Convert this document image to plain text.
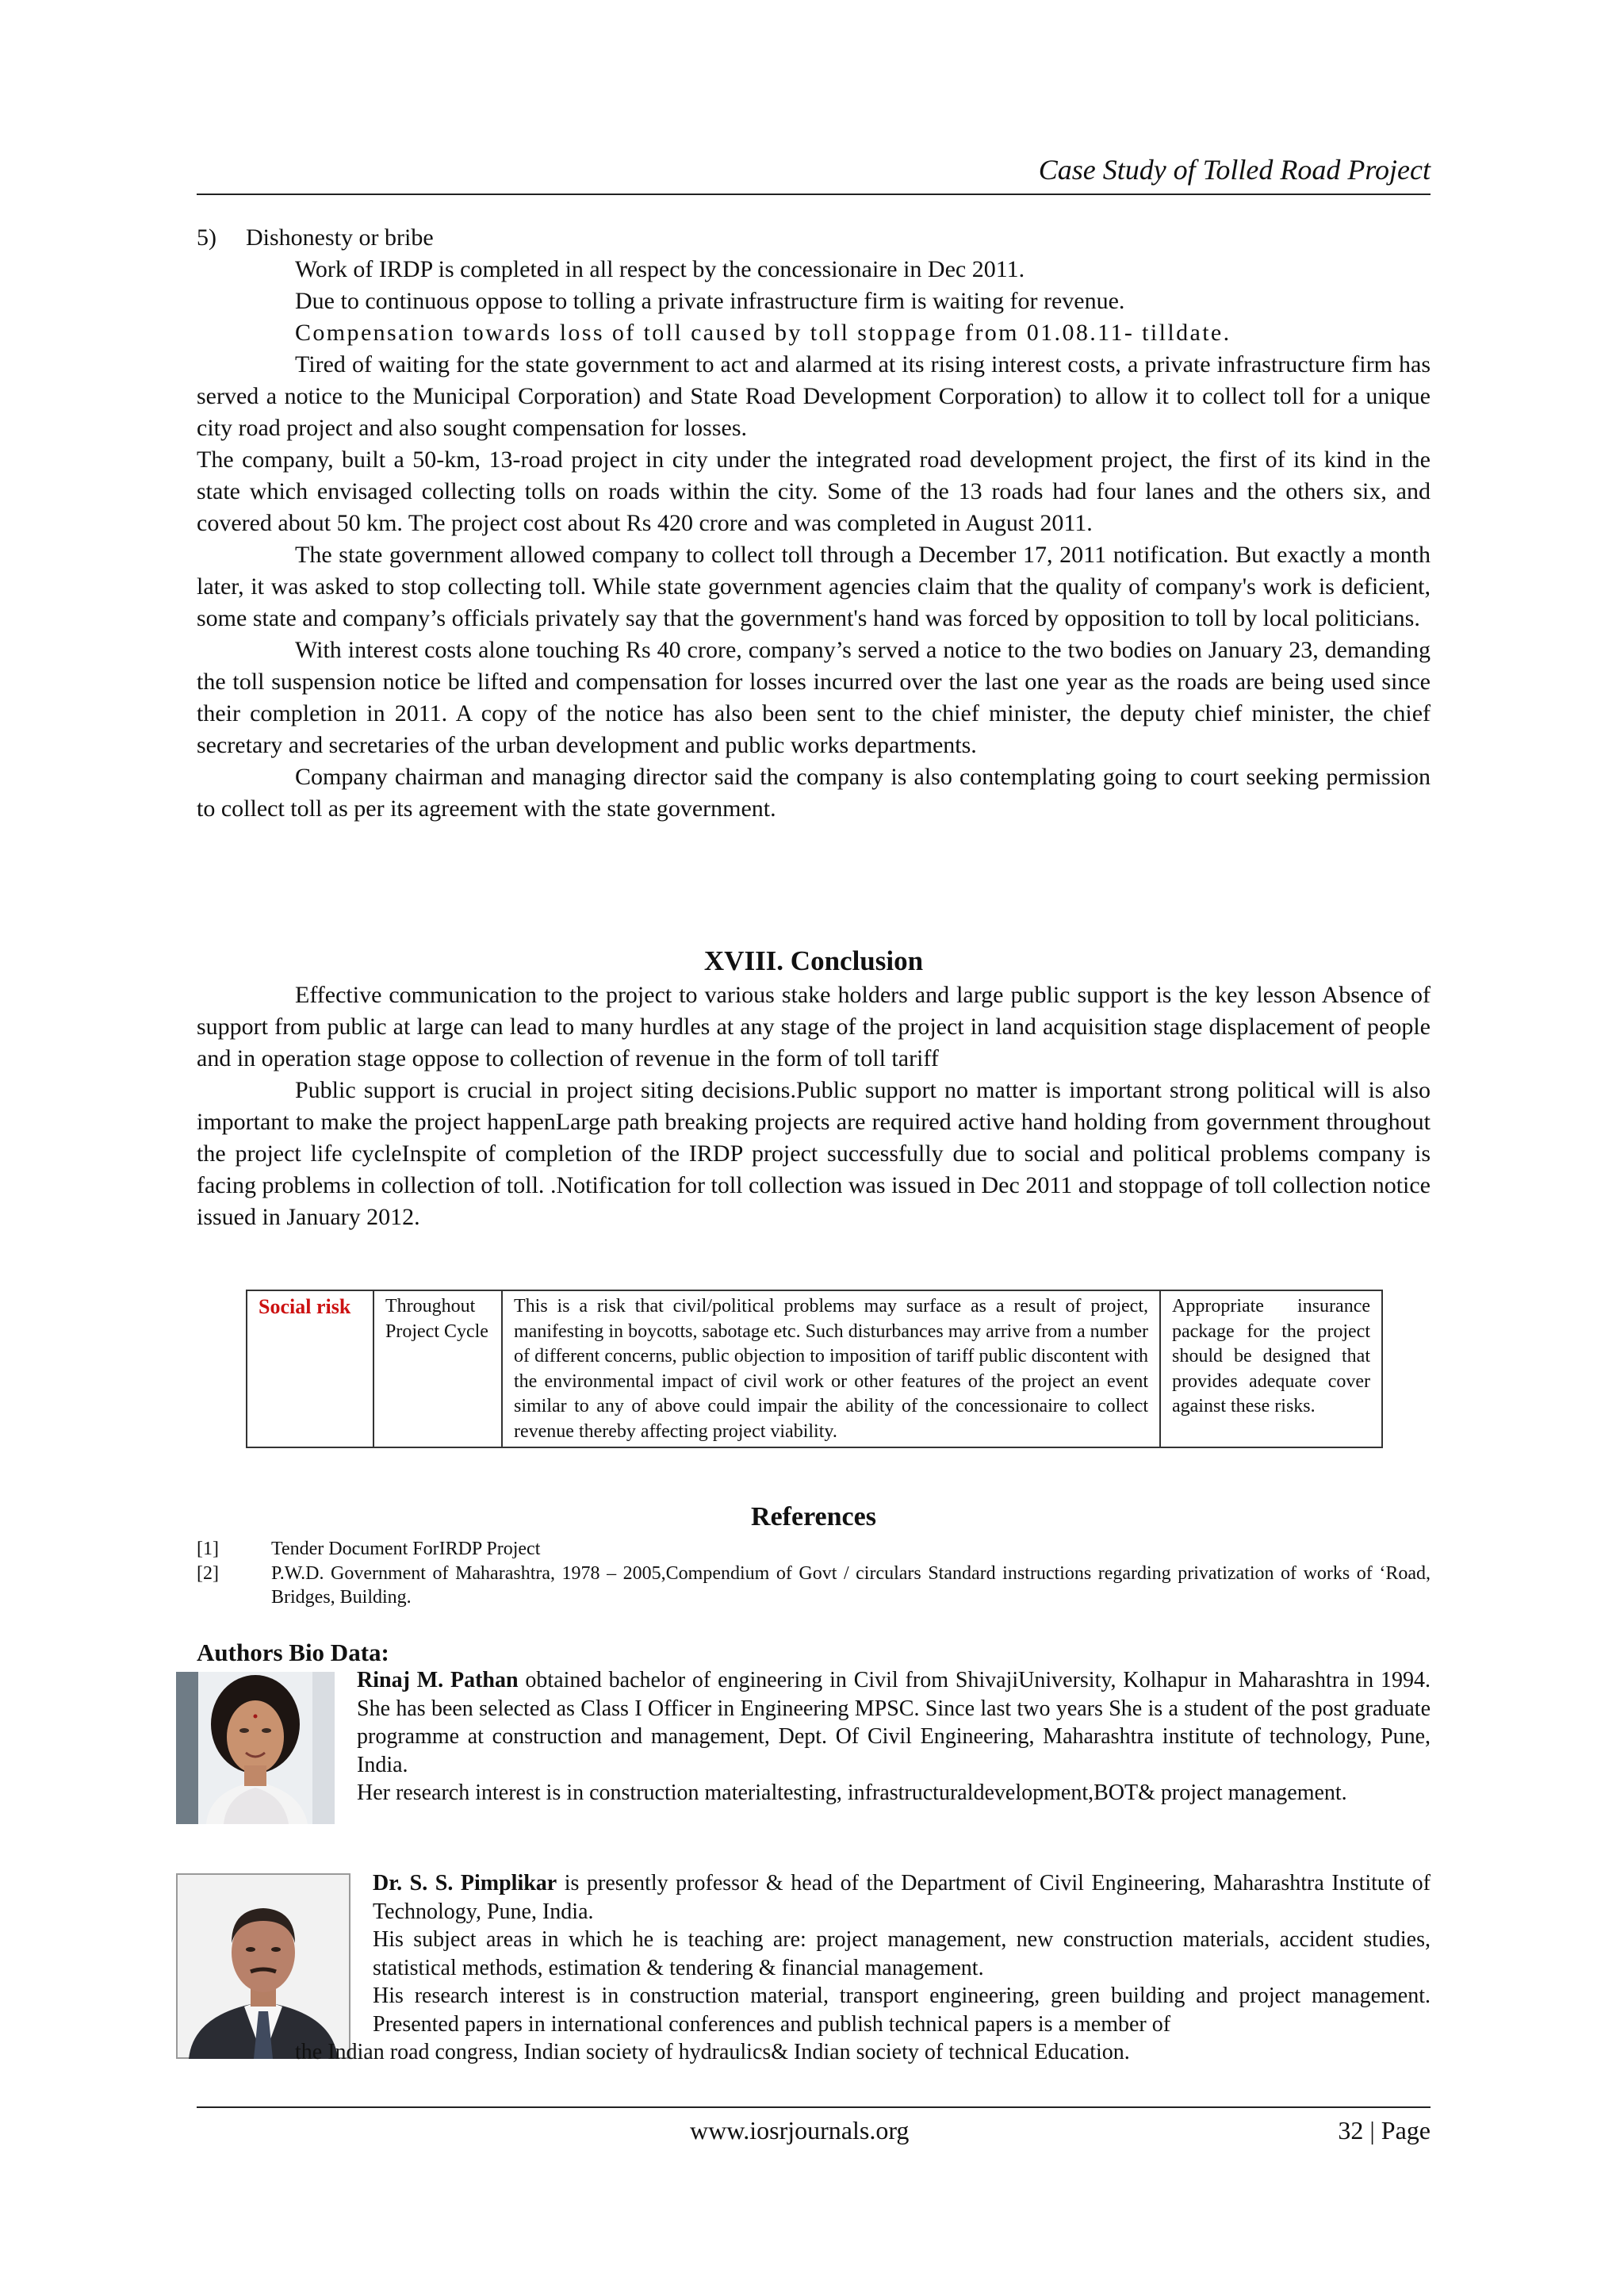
Case Study of Tolled Road Project
5) Dishonesty or bribe
Work of IRDP is completed in all respect by the concessionaire in Dec 2011.
Due to continuous oppose to tolling a private infrastructure firm is waiting for revenue.
Compensation towards loss of toll caused by toll stoppage from 01.08.11- tilldate.

Tired of waiting for the state government to act and alarmed at its rising interest costs, a private infrastructure firm has served a notice to the Municipal Corporation) and State Road Development Corporation) to allow it to collect toll for a unique city road project and also sought compensation for losses.

The company, built a 50-km, 13-road project in city under the integrated road development project, the first of its kind in the state which envisaged collecting tolls on roads within the city. Some of the 13 roads had four lanes and the others six, and covered about 50 km. The project cost about Rs 420 crore and was completed in August 2011.

The state government allowed company to collect toll through a December 17, 2011 notification. But exactly a month later, it was asked to stop collecting toll. While state government agencies claim that the quality of company's work is deficient, some state and company’s officials privately say that the government's hand was forced by opposition to toll by local politicians.

With interest costs alone touching Rs 40 crore, company’s served a notice to the two bodies on January 23, demanding the toll suspension notice be lifted and compensation for losses incurred over the last one year as the roads are being used since their completion in 2011. A copy of the notice has also been sent to the chief minister, the deputy chief minister, the chief secretary and secretaries of the urban development and public works departments.

Company chairman and managing director said the company is also contemplating going to court seeking permission to collect toll as per its agreement with the state government.

XVIII. Conclusion

Effective communication to the project to various stake holders and large public support is the key lesson Absence of support from public at large can lead to many hurdles at any stage of the project in land acquisition stage displacement of people and in operation stage oppose to collection of revenue in the form of toll tariff

Public support is crucial in project siting decisions.Public support no matter is important strong political will is also important to make the project happenLarge path breaking projects are required active hand holding from government throughout the project life cycleInspite of completion of the IRDP project successfully due to social and political problems company is facing problems in collection of toll. .Notification for toll collection was issued in Dec 2011 and stoppage of toll collection notice issued in January 2012.

Social risk	Throughout Project Cycle	This is a risk that civil/political problems may surface as a result of project, manifesting in boycotts, sabotage etc. Such disturbances may arrive from a number of different concerns, public objection to imposition of tariff public discontent with the environmental impact of civil work or other features of the project an event similar to any of above could impair the ability of the concessionaire to collect revenue thereby affecting project viability.	Appropriate insurance package for the project should be designed that provides adequate cover against these risks.
References
[1]	Tender Document ForIRDP Project
[2]	P.W.D. Government of Maharashtra, 1978 – 2005,Compendium of Govt / circulars Standard instructions regarding privatization of works of ‘Road, Bridges, Building.
Authors Bio Data:

Rinaj M. Pathan obtained bachelor of engineering in Civil from ShivajiUniversity, Kolhapur in Maharashtra in 1994. She has been selected as Class I Officer in Engineering MPSC. Since last two years She is a student of the post graduate programme at construction and management, Dept. Of Civil Engineering, Maharashtra institute of technology, Pune, India.

Her research interest is in construction materialtesting, infrastructuraldevelopment,BOT& project management.

Dr. S. S. Pimplikar is presently professor & head of the Department of Civil Engineering, Maharashtra Institute of Technology, Pune, India.

His subject areas in which he is teaching are: project management, new construction materials, accident studies, statistical methods, estimation & tendering & financial management.

His research interest is in construction material, transport engineering, green building and project management. Presented papers in international conferences and publish technical papers is a member of

the Indian road congress, Indian society of hydraulics& Indian society of technical Education.
www.iosrjournals.org	32 | Page
